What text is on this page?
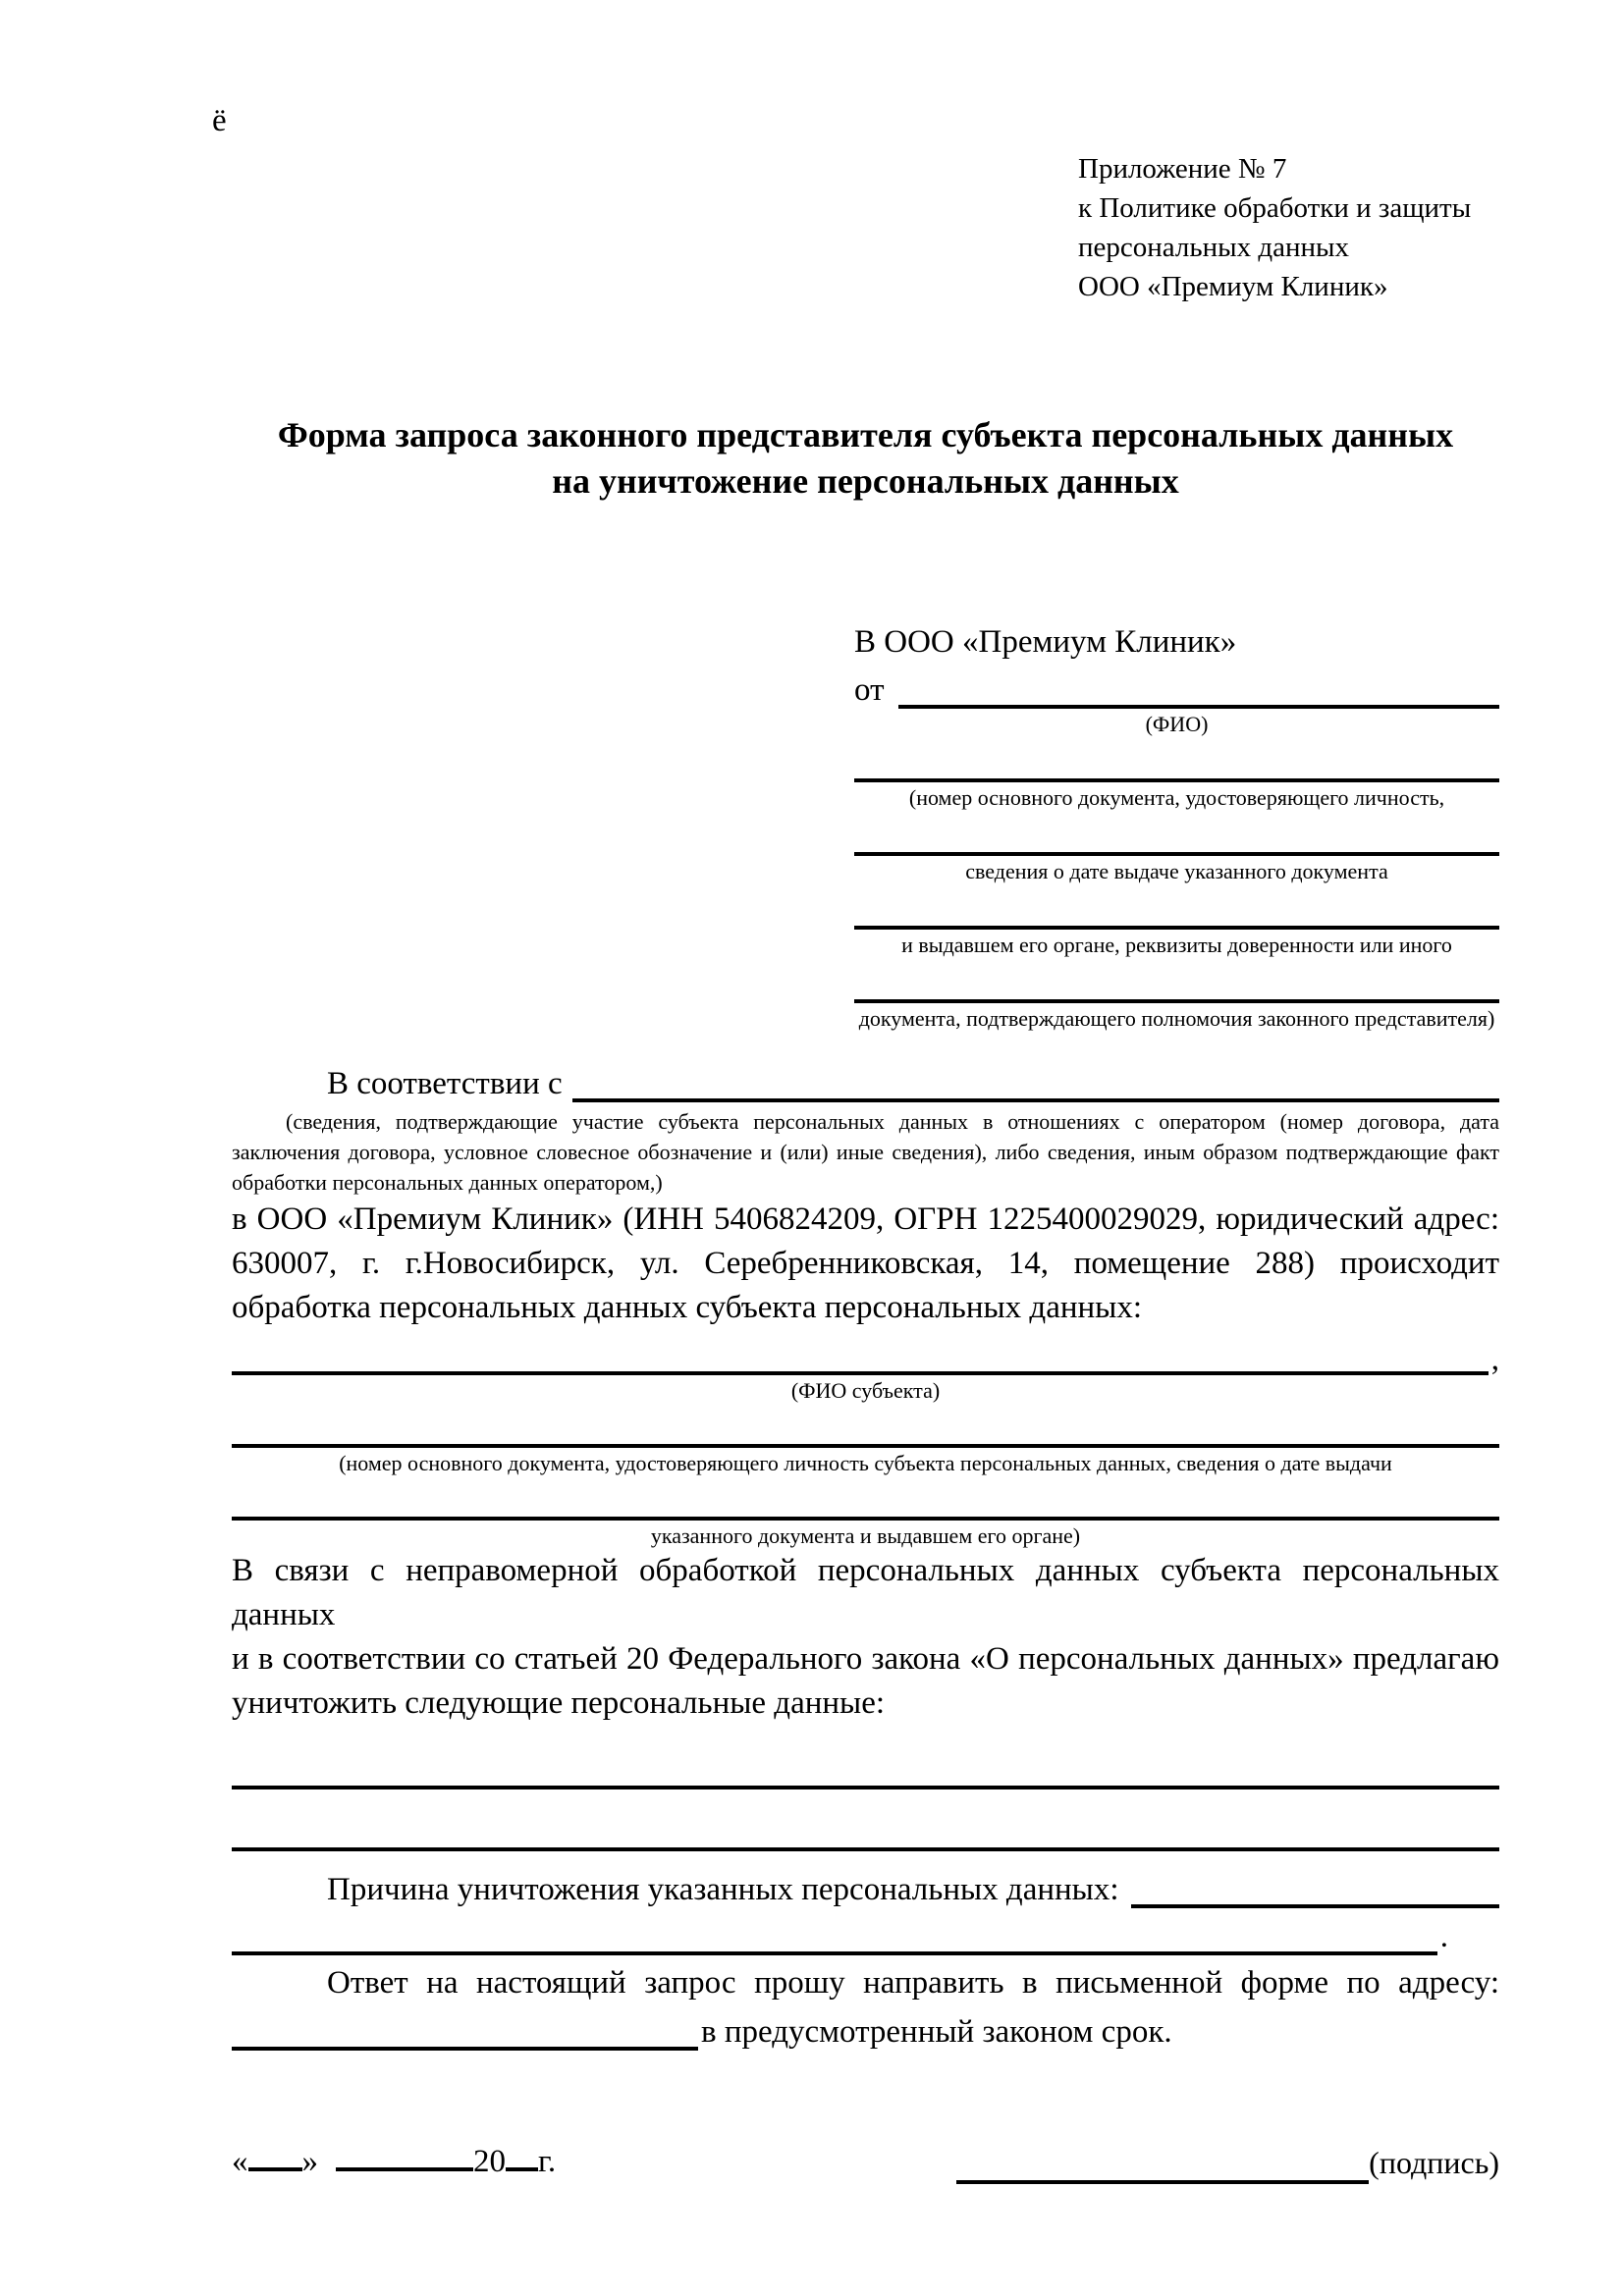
ё
Приложение № 7
к Политике обработки и защиты
персональных данных
ООО «Премиум Клиник»
Форма запроса законного представителя субъекта персональных данных
на уничтожение персональных данных
В ООО «Премиум Клиник»
от
(ФИО)
(номер основного документа, удостоверяющего личность,
сведения о дате выдаче указанного документа
и выдавшем его органе, реквизиты доверенности или иного
документа, подтверждающего полномочия законного представителя)
В соответствии с
(сведения, подтверждающие участие субъекта персональных данных в отношениях с оператором (номер договора, дата
заключения договора, условное словесное обозначение и (или) иные сведения), либо сведения, иным образом подтверждающие факт
обработки персональных данных оператором,)
в ООО «Премиум Клиник» (ИНН 5406824209, ОГРН 1225400029029, юридический адрес:
630007, г. г.Новосибирск, ул. Серебренниковская, 14, помещение 288) происходит
обработка персональных данных субъекта персональных данных:
,
(ФИО субъекта)
(номер основного документа, удостоверяющего личность субъекта персональных данных, сведения о дате выдачи
указанного документа и выдавшем его органе)
В связи с неправомерной обработкой персональных данных субъекта персональных данных
и в соответствии со статьей 20 Федерального закона «О персональных данных» предлагаю
уничтожить следующие персональные данные:
Причина уничтожения указанных персональных данных:
.
Ответ на настоящий запрос прошу направить в письменной форме по адресу:
в предусмотренный законом срок.
« »	20 г.	(подпись)
